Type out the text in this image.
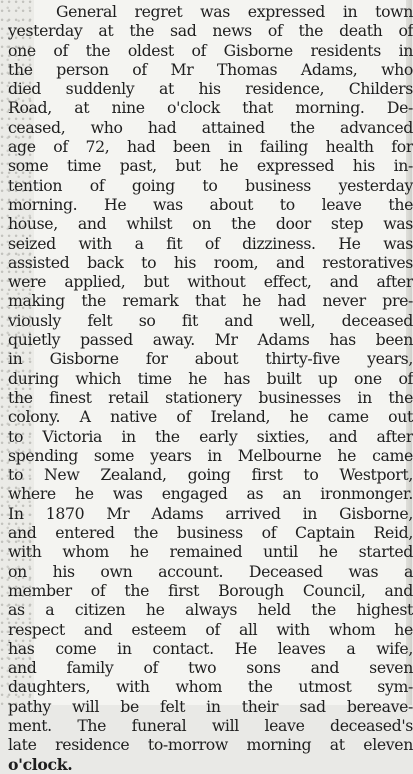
General regret was expressed in town
yesterday at the sad news of the death of
one of the oldest of Gisborne residents in
the person of Mr Thomas Adams, who
died suddenly at his residence, Childers
Road, at nine o'clock that morning. De-
ceased, who had attained the advanced
age of 72, had been in failing health for
some time past, but he expressed his in-
tention of going to business yesterday
morning. He was about to leave the
house, and whilst on the door step was
seized with a fit of dizziness. He was
assisted back to his room, and restoratives
were applied, but without effect, and after
making the remark that he had never pre-
viously felt so fit and well, deceased
quietly passed away. Mr Adams has been
in Gisborne for about thirty-five years,
during which time he has built up one of
the finest retail stationery businesses in the
colony. A native of Ireland, he came out
to Victoria in the early sixties, and after
spending some years in Melbourne he came
to New Zealand, going first to Westport,
where he was engaged as an ironmonger.
In 1870 Mr Adams arrived in Gisborne,
and entered the business of Captain Reid,
with whom he remained until he started
on his own account. Deceased was a
member of the first Borough Council, and
as a citizen he always held the highest
respect and esteem of all with whom he
has come in contact. He leaves a wife,
and family of two sons and seven
daughters, with whom the utmost sym-
pathy will be felt in their sad bereave-
ment. The funeral will leave deceased's
late residence to-morrow morning at eleven
o'clock.
